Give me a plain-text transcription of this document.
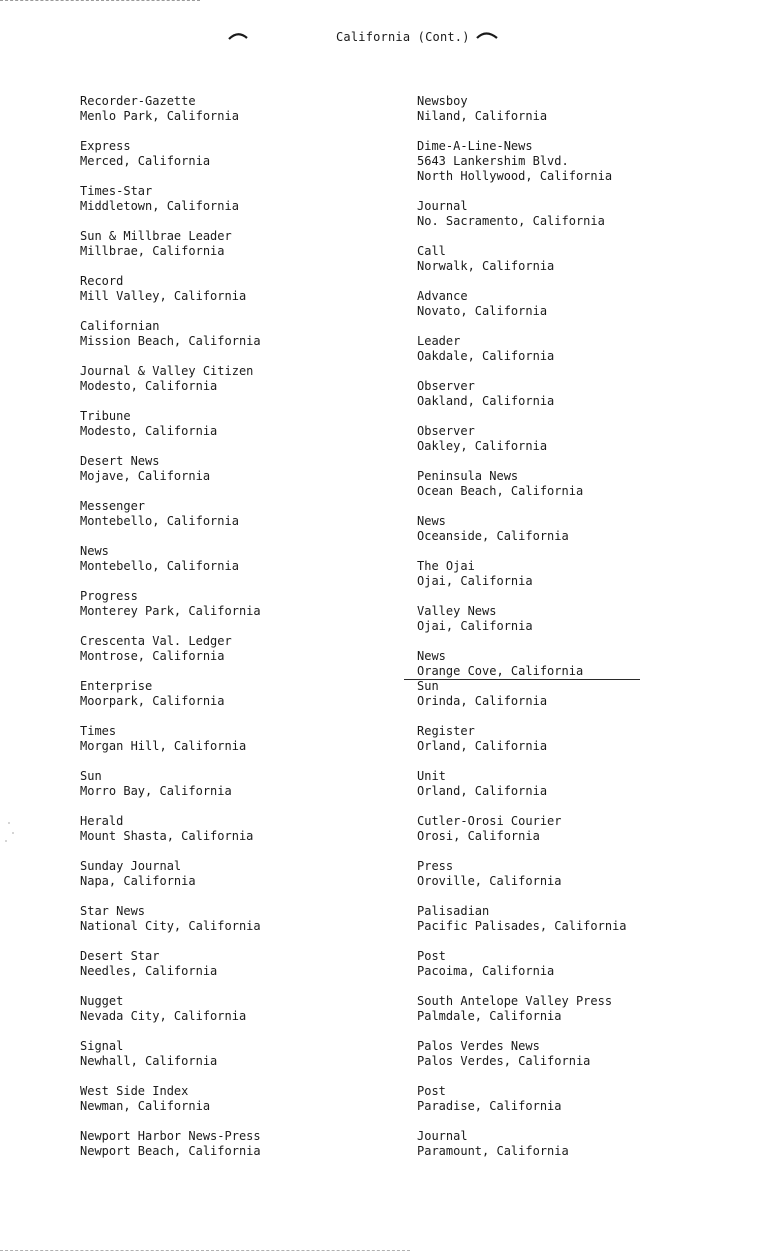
California (Cont.)
Recorder-Gazette
Menlo Park, California
Express
Merced, California
Times-Star
Middletown, California
Sun & Millbrae Leader
Millbrae, California
Record
Mill Valley, California
Californian
Mission Beach, California
Journal & Valley Citizen
Modesto, California
Tribune
Modesto, California
Desert News
Mojave, California
Messenger
Montebello, California
News
Montebello, California
Progress
Monterey Park, California
Crescenta Val. Ledger
Montrose, California
Enterprise
Moorpark, California
Times
Morgan Hill, California
Sun
Morro Bay, California
Herald
Mount Shasta, California
Sunday Journal
Napa, California
Star News
National City, California
Desert Star
Needles, California
Nugget
Nevada City, California
Signal
Newhall, California
West Side Index
Newman, California
Newport Harbor News-Press
Newport Beach, California
Newsboy
Niland, California
Dime-A-Line-News
5643 Lankershim Blvd.
North Hollywood, California
Journal
No. Sacramento, California
Call
Norwalk, California
Advance
Novato, California
Leader
Oakdale, California
Observer
Oakland, California
Observer
Oakley, California
Peninsula News
Ocean Beach, California
News
Oceanside, California
The Ojai
Ojai, California
Valley News
Ojai, California
News
Orange Cove, California
Sun
Orinda, California
Register
Orland, California
Unit
Orland, California
Cutler-Orosi Courier
Orosi, California
Press
Oroville, California
Palisadian
Pacific Palisades, California
Post
Pacoima, California
South Antelope Valley Press
Palmdale, California
Palos Verdes News
Palos Verdes, California
Post
Paradise, California
Journal
Paramount, California
